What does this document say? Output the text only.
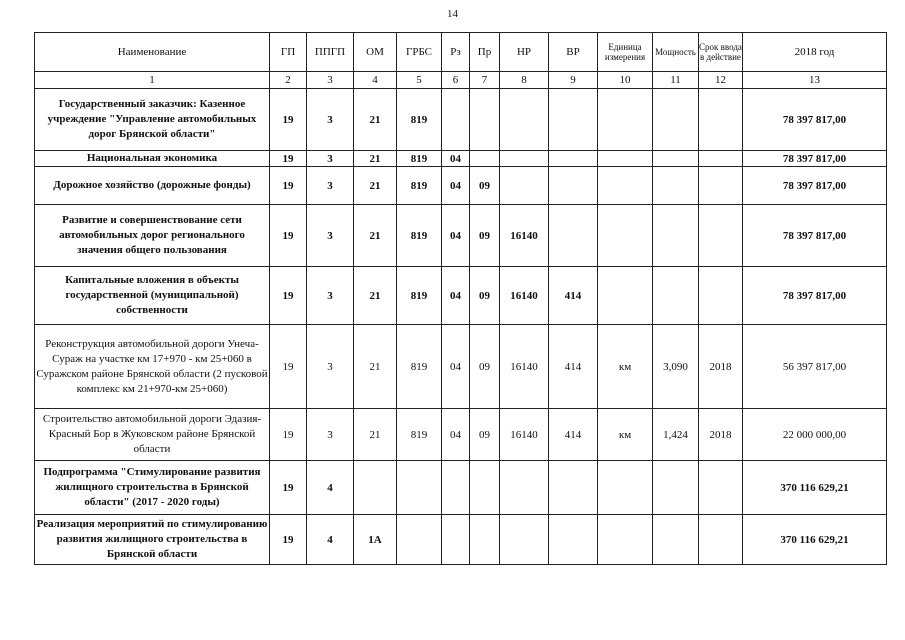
14
Наименование	ГП	ППГП	ОМ	ГРБС	Рз	Пр	НР	ВР	Единица измерения	Мощность	Срок ввода в действие	2018 год
1	2	3	4	5	6	7	8	9	10	11	12	13
Государственный заказчик: Казенное учреждение "Управление автомобильных дорог Брянской области"	19	3	21	819								78 397 817,00
Национальная экономика	19	3	21	819	04							78 397 817,00
Дорожное хозяйство (дорожные фонды)	19	3	21	819	04	09						78 397 817,00
Развитие и совершенствование сети автомобильных дорог регионального значения общего пользования	19	3	21	819	04	09	16140					78 397 817,00
Капитальные вложения в объекты государственной (муниципальной) собственности	19	3	21	819	04	09	16140	414				78 397 817,00
Реконструкция автомобильной дороги Унеча-Сураж на участке км 17+970 - км 25+060 в Суражском районе Брянской области (2 пусковой комплекс км 21+970-км 25+060)	19	3	21	819	04	09	16140	414	км	3,090	2018	56 397 817,00
Строительство автомобильной дороги Эдазия-Красный Бор в Жуковском районе Брянской области	19	3	21	819	04	09	16140	414	км	1,424	2018	22 000 000,00
Подпрограмма "Стимулирование развития жилищного строительства в Брянской области" (2017 - 2020 годы)	19	4										370 116 629,21
Реализация мероприятий по стимулированию развития жилищного строительства в Брянской области	19	4	1А									370 116 629,21
